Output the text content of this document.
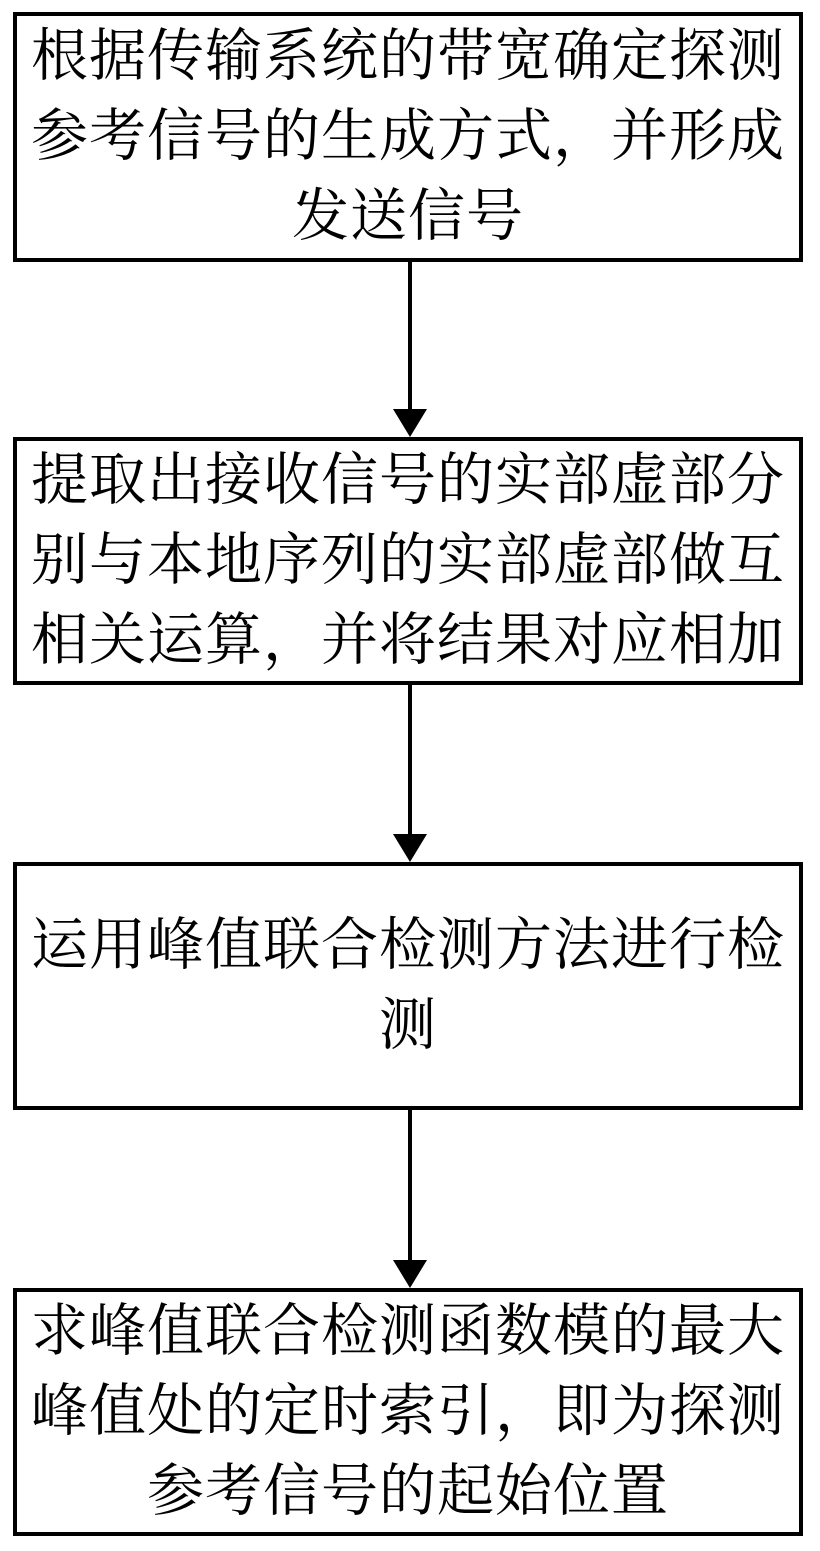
根据传输系统的带宽确定探测
参考信号的生成方式，并形成
发送信号
提取出接收信号的实部虚部分
别与本地序列的实部虚部做互
相关运算，并将结果对应相加
运用峰值联合检测方法进行检
测
求峰值联合检测函数模的最大
峰值处的定时索引，即为探测
参考信号的起始位置
